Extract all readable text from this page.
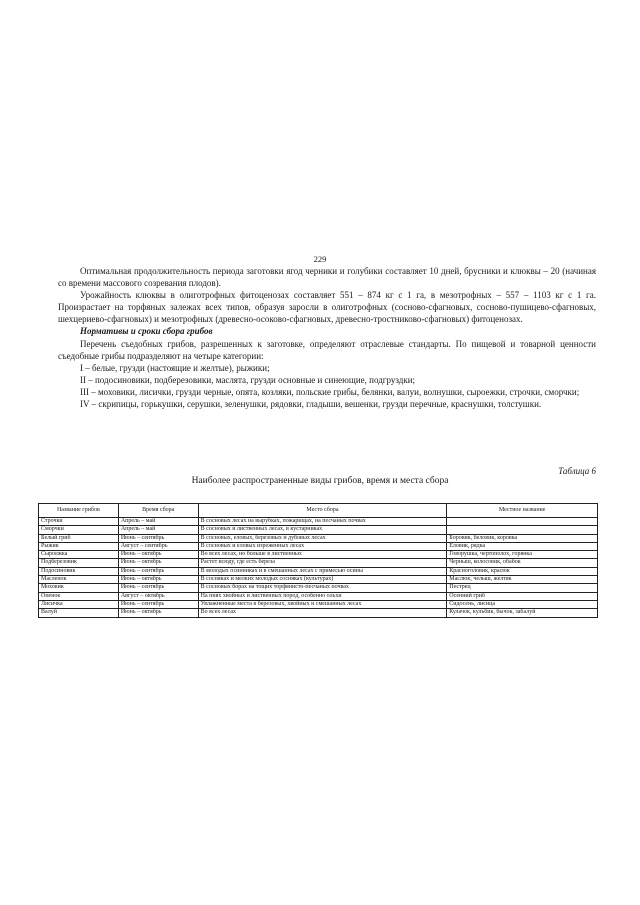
229

Оптимальная продолжительность периода заготовки ягод черники и голубики составляет 10 дней, брусники и клюквы – 20 (начиная со времени массового созревания плодов).

Урожайность клюквы в олиготрофных фитоценозах составляет 551 – 874 кг с 1 га, в мезотрофных – 557 – 1103 кг с 1 га. Произрастает на торфяных залежах всех типов, образуя заросли в олиготрофных (сосново-сфагновых, сосново-пушицево-сфагновых, шехцериево-сфагновых) и мезотрофных (древесно-осоково-сфагновых, древесно-тростниково-сфагновых) фитоценозах.

Нормативы и сроки сбора грибов

Перечень съедобных грибов, разрешенных к заготовке, определяют отраслевые стандарты. По пищевой и товарной ценности съедобные грибы подразделяют на четыре категории:

I – белые, грузди (настоящие и желтые), рыжики;

II – подосиновики, подберезовики, маслята, грузди основные и синеющие, подгруздки;

III – моховики, лисички, грузди черные, опята, козляки, польские грибы, белянки, валуи, волнушки, сыроежки, строчки, сморчки;

IV – скрипицы, горькушки, серушки, зеленушки, рядовки, гладыши, вешенки, грузди перечные, краснушки, толстушки.

Таблица 6
Наиболее распространенные виды грибов, время и места сбора
Название грибов	Время сбора	Место сбора	Местное название
Строчки	Апрель – май	В сосновых лесах на вырубках, пожарищах, на песчаных почвах	
Сморчки	Апрель – май	В сосновых и лиственных лесах, в кустарниках	
Белый гриб	Июнь – сентябрь	В сосновых, еловых, березовых и дубовых лесах	Боровик, беловик, коровка
Рыжик	Август – сентябрь	В сосновых и еловых изреженных лесах	Еловик, рядка
Сыроежка	Июнь – октябрь	Во всех лесах, но больше в лиственных	Говорушка, чертополох, горянка
Подберезовик	Июнь – октябрь	Растет всюду, где есть береза	Черныш, колосовик, обабок
Подосиновик	Июнь – сентябрь	В молодых осинниках и в смешанных лесах с примесью осины	Красноголовик, красюк
Масленок	Июнь – октябрь	В сосняках и мелких молодых сосняках (культурах)	Маслюк, челыш, желтяк
Моховик	Июнь – сентябрь	В сосновых борах на тощих торфянисто-песчаных почвах	Пестрец
Опенок	Август – октябрь	На пнях хвойных и лиственных пород, особенно ольхи	Осенний гриб
Лисичка	Июнь – сентябрь	Увлажненные места в березовых, хвойных и смешанных лесах	Сидосень, лисица
Валуй	Июнь – октябрь	Во всех лесах	Кулачок, кульбик, бычок, забалуй
